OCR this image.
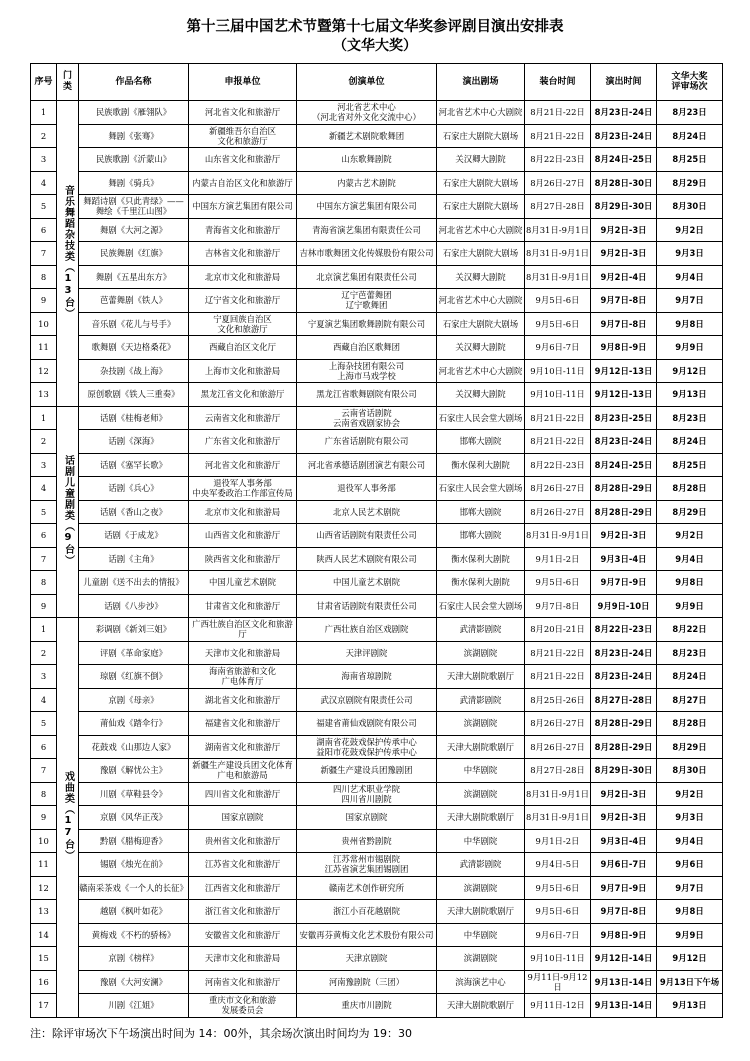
第十三届中国艺术节暨第十七届文华奖参评剧目演出安排表
（文华大奖）
序号	门类	作品名称	申报单位	创演单位	演出剧场	装台时间	演出时间	文华大奖
评审场次
1	音乐舞蹈杂技类（13台）	民族歌剧《雁翎队》	河北省文化和旅游厅	河北省艺术中心
（河北省对外文化交流中心）	河北省艺术中心大剧院	8月21日-22日	8月23日-24日	8月23日
2		舞剧《张骞》	新疆维吾尔自治区
文化和旅游厅	新疆艺术剧院歌舞团	石家庄大剧院大剧场	8月21日-22日	8月23日-24日	8月24日
3		民族歌剧《沂蒙山》	山东省文化和旅游厅	山东歌舞剧院	关汉卿大剧院	8月22日-23日	8月24日-25日	8月25日
4		舞剧《骑兵》	内蒙古自治区文化和旅游厅	内蒙古艺术剧院	石家庄大剧院大剧场	8月26日-27日	8月28日-30日	8月29日
5		舞蹈诗剧《只此青绿》——
舞绘《千里江山图》	中国东方演艺集团有限公司	中国东方演艺集团有限公司	石家庄大剧院大剧场	8月27日-28日	8月29日-30日	8月30日
6		舞剧《大河之源》	青海省文化和旅游厅	青海省演艺集团有限责任公司	河北省艺术中心大剧院	8月31日-9月1日	9月2日-3日	9月2日
7		民族舞剧《红旗》	吉林省文化和旅游厅	吉林市歌舞团文化传媒股份有限公司	石家庄大剧院大剧场	8月31日-9月1日	9月2日-3日	9月3日
8		舞剧《五星出东方》	北京市文化和旅游局	北京演艺集团有限责任公司	关汉卿大剧院	8月31日-9月1日	9月2日-4日	9月4日
9		芭蕾舞剧《铁人》	辽宁省文化和旅游厅	辽宁芭蕾舞团
辽宁歌舞团	河北省艺术中心大剧院	9月5日-6日	9月7日-8日	9月7日
10		音乐剧《花儿与号手》	宁夏回族自治区
文化和旅游厅	宁夏演艺集团歌舞剧院有限公司	石家庄大剧院大剧场	9月5日-6日	9月7日-8日	9月8日
11		歌舞剧《天边格桑花》	西藏自治区文化厅	西藏自治区歌舞团	关汉卿大剧院	9月6日-7日	9月8日-9日	9月9日
12		杂技剧《战上海》	上海市文化和旅游局	上海杂技团有限公司
上海市马戏学校	河北省艺术中心大剧院	9月10日-11日	9月12日-13日	9月12日
13		原创歌剧《铁人三重奏》	黑龙江省文化和旅游厅	黑龙江省歌舞剧院有限公司	关汉卿大剧院	9月10日-11日	9月12日-13日	9月13日
1	话剧儿童剧类（9台）	话剧《桂梅老师》	云南省文化和旅游厅	云南省话剧院
云南省戏剧家协会	石家庄人民会堂大剧场	8月21日-22日	8月23日-25日	8月23日
2		话剧《深海》	广东省文化和旅游厅	广东省话剧院有限公司	邯郸大剧院	8月21日-22日	8月23日-24日	8月24日
3		话剧《塞罕长歌》	河北省文化和旅游厅	河北省承德话剧团演艺有限公司	衡水保利大剧院	8月22日-23日	8月24日-25日	8月25日
4		话剧《兵心》	退役军人事务部
中央军委政治工作部宣传局	退役军人事务部	石家庄人民会堂大剧场	8月26日-27日	8月28日-29日	8月28日
5		话剧《香山之夜》	北京市文化和旅游局	北京人民艺术剧院	邯郸大剧院	8月26日-27日	8月28日-29日	8月29日
6		话剧《于成龙》	山西省文化和旅游厅	山西省话剧院有限责任公司	邯郸大剧院	8月31日-9月1日	9月2日-3日	9月2日
7		话剧《主角》	陕西省文化和旅游厅	陕西人民艺术剧院有限公司	衡水保利大剧院	9月1日-2日	9月3日-4日	9月4日
8		儿童剧《送不出去的情报》	中国儿童艺术剧院	中国儿童艺术剧院	衡水保利大剧院	9月5日-6日	9月7日-9日	9月8日
9		话剧《八步沙》	甘肃省文化和旅游厅	甘肃省话剧院有限责任公司	石家庄人民会堂大剧场	9月7日-8日	9月9日-10日	9月9日
1	戏曲类（17台）	彩调剧《新刘三姐》	广西壮族自治区文化和旅游厅	广西壮族自治区戏剧院	武清影剧院	8月20日-21日	8月22日-23日	8月22日
2		评剧《革命家庭》	天津市文化和旅游局	天津评剧院	滨湖剧院	8月21日-22日	8月23日-24日	8月23日
3		琼剧《红旗不倒》	海南省旅游和文化
广电体育厅	海南省琼剧院	天津大剧院歌剧厅	8月21日-22日	8月23日-24日	8月24日
4		京剧《母亲》	湖北省文化和旅游厅	武汉京剧院有限责任公司	武清影剧院	8月25日-26日	8月27日-28日	8月27日
5		莆仙戏《踏伞行》	福建省文化和旅游厅	福建省莆仙戏剧院有限公司	滨湖剧院	8月26日-27日	8月28日-29日	8月28日
6		花鼓戏《山那边人家》	湖南省文化和旅游厅	湖南省花鼓戏保护传承中心
益阳市花鼓戏保护传承中心	天津大剧院歌剧厅	8月26日-27日	8月28日-29日	8月29日
7		豫剧《解忧公主》	新疆生产建设兵团文化体育
广电和旅游局	新疆生产建设兵团豫剧团	中华剧院	8月27日-28日	8月29日-30日	8月30日
8		川剧《草鞋县令》	四川省文化和旅游厅	四川艺术职业学院
四川省川剧院	滨湖剧院	8月31日-9月1日	9月2日-3日	9月2日
9		京剧《风华正茂》	国家京剧院	国家京剧院	天津大剧院歌剧厅	8月31日-9月1日	9月2日-3日	9月3日
10		黔剧《腊梅迎香》	贵州省文化和旅游厅	贵州省黔剧院	中华剧院	9月1日-2日	9月3日-4日	9月4日
11		锡剧《烛光在前》	江苏省文化和旅游厅	江苏常州市锡剧院
江苏省演艺集团锡剧团	武清影剧院	9月4日-5日	9月6日-7日	9月6日
12		赣南采茶戏《一个人的长征》	江西省文化和旅游厅	赣南艺术创作研究所	滨湖剧院	9月5日-6日	9月7日-9日	9月7日
13		越剧《枫叶如花》	浙江省文化和旅游厅	浙江小百花越剧院	天津大剧院歌剧厅	9月5日-6日	9月7日-8日	9月8日
14		黄梅戏《不朽的骄杨》	安徽省文化和旅游厅	安徽再芬黄梅文化艺术股份有限公司	中华剧院	9月6日-7日	9月8日-9日	9月9日
15		京剧《榜样》	天津市文化和旅游局	天津京剧院	滨湖剧院	9月10日-11日	9月12日-14日	9月12日
16		豫剧《大河安澜》	河南省文化和旅游厅	河南豫剧院（三团）	滨海演艺中心	9月11日-9月12日	9月13日-14日	9月13日下午场
17		川剧《江姐》	重庆市文化和旅游
发展委员会	重庆市川剧院	天津大剧院歌剧厅	9月11日-12日	9月13日-14日	9月13日
注：除评审场次下午场演出时间为 14：00外，其余场次演出时间均为 19：30
